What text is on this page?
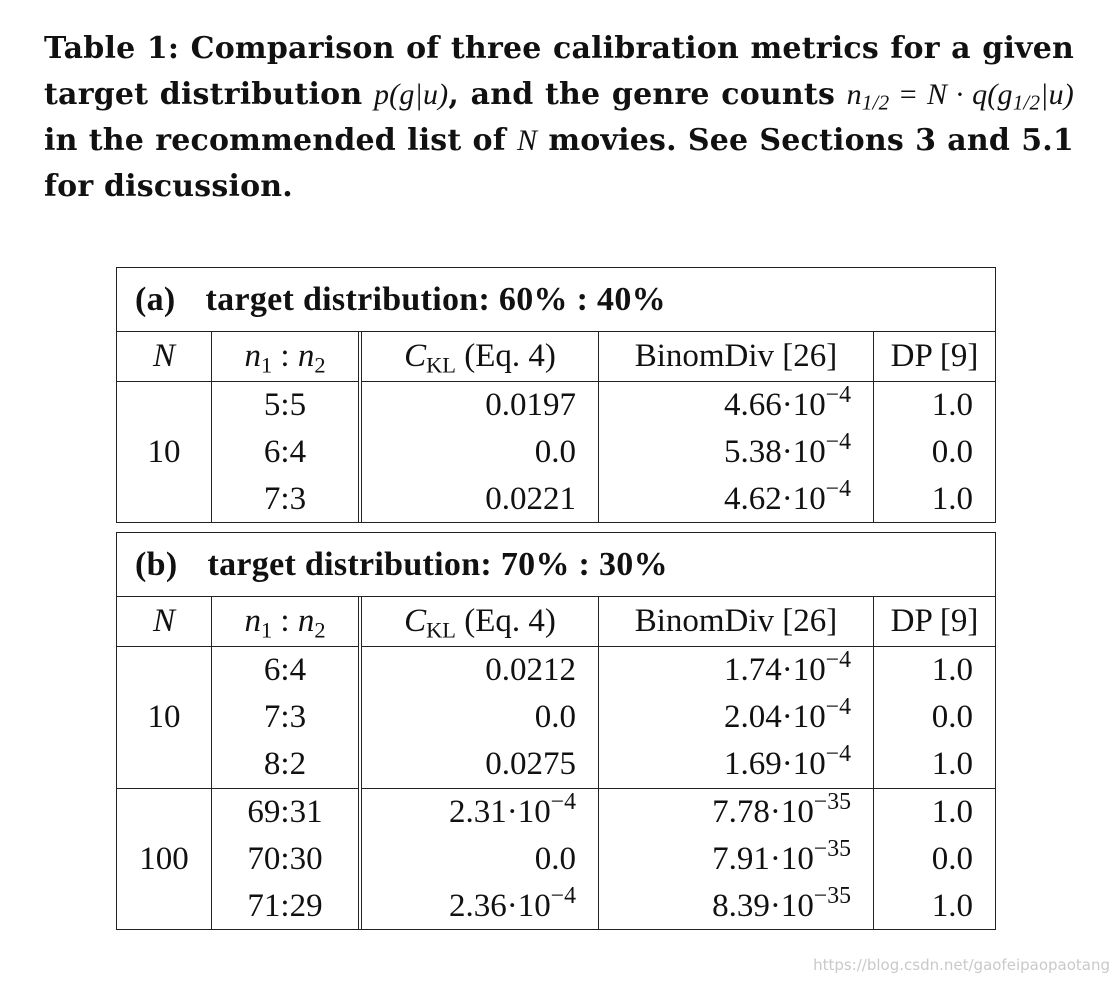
Table 1: Comparison of three calibration metrics for a given target distribution p(g|u), and the genre counts $n_{1/2} = N \cdot q(g_{1/2}|u)$ in the recommended list of N movies. See Sections 3 and 5.1 for discussion.
(a) target distribution: 60% : 40%
N	$n_1$ : $n_2$	$C_{KL}$ (Eq. 4)	BinomDiv [26]	DP [9]
10	5:5	0.0197	$4.66\cdot 10^{-4}$	1.0
	6:4	0.0	$5.38\cdot 10^{-4}$	0.0
	7:3	0.0221	$4.62\cdot 10^{-4}$	1.0
(b) target distribution: 70% : 30%
N	$n_1$ : $n_2$	$C_{KL}$ (Eq. 4)	BinomDiv [26]	DP [9]
10	6:4	0.0212	$1.74\cdot 10^{-4}$	1.0
	7:3	0.0	$2.04\cdot 10^{-4}$	0.0
	8:2	0.0275	$1.69\cdot 10^{-4}$	1.0
100	69:31	$2.31\cdot 10^{-4}$	$7.78\cdot 10^{-35}$	1.0
	70:30	0.0	$7.91\cdot 10^{-35}$	0.0
	71:29	$2.36\cdot 10^{-4}$	$8.39\cdot 10^{-35}$	1.0
https://blog.csdn.net/gaofeipaopaotang
